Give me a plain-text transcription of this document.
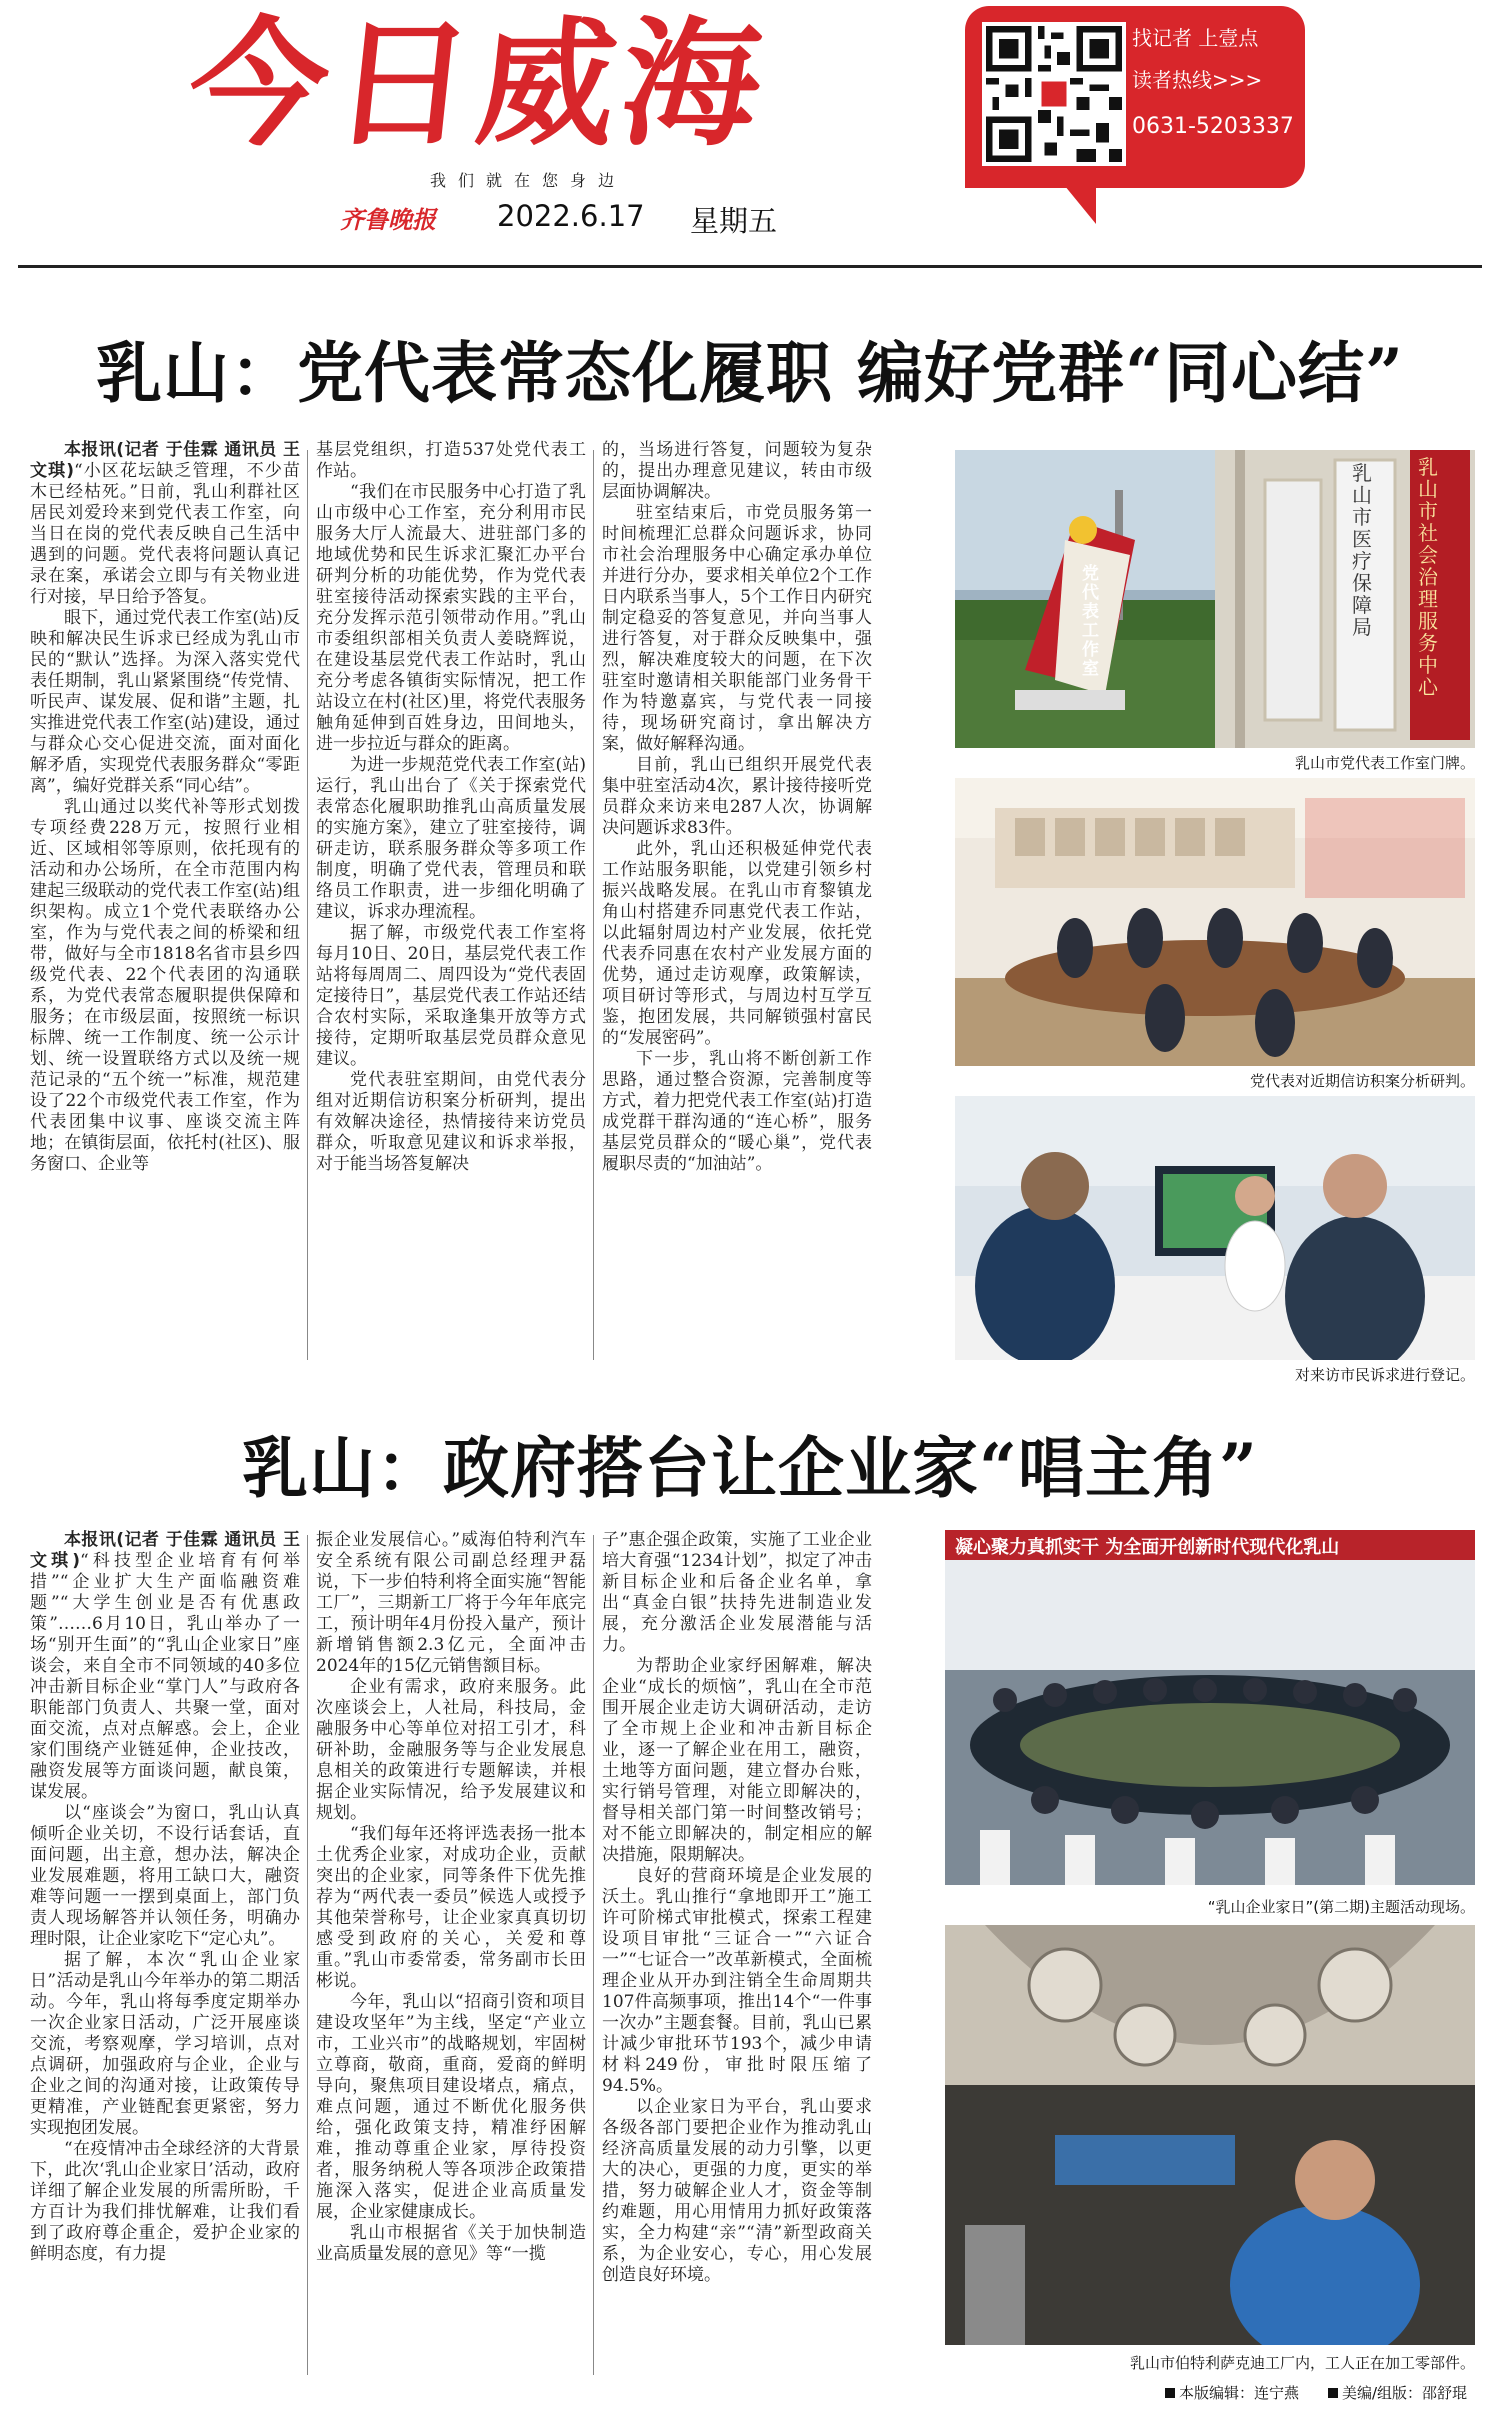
今日威海
我们就在您身边
齐鲁晚报 2022.6.17 星期五
找记者 上壹点
读者热线>>>
0631-5203337
乳山：党代表常态化履职 编好党群“同心结”

本报讯(记者 于佳霖 通讯员 王文琪)“小区花坛缺乏管理，不少苗木已经枯死。”日前，乳山利群社区居民刘爱玲来到党代表工作室，向当日在岗的党代表反映自己生活中遇到的问题。党代表将问题认真记录在案，承诺会立即与有关物业进行对接，早日给予答复。

眼下，通过党代表工作室(站)反映和解决民生诉求已经成为乳山市民的“默认”选择。为深入落实党代表任期制，乳山紧紧围绕“传党情、听民声、谋发展、促和谐”主题，扎实推进党代表工作室(站)建设，通过与群众心交心促进交流，面对面化解矛盾，实现党代表服务群众“零距离”，编好党群关系“同心结”。

乳山通过以奖代补等形式划拨专项经费228万元，按照行业相近、区域相邻等原则，依托现有的活动和办公场所，在全市范围内构建起三级联动的党代表工作室(站)组织架构。成立1个党代表联络办公室，作为与党代表之间的桥梁和纽带，做好与全市1818名省市县乡四级党代表、22个代表团的沟通联系，为党代表常态履职提供保障和服务；在市级层面，按照统一标识标牌、统一工作制度、统一公示计划、统一设置联络方式以及统一规范记录的“五个统一”标准，规范建设了22个市级党代表工作室，作为代表团集中议事、座谈交流主阵地；在镇街层面，依托村(社区)、服务窗口、企业等

基层党组织，打造537处党代表工作站。

“我们在市民服务中心打造了乳山市级中心工作室，充分利用市民服务大厅人流最大、进驻部门多的地域优势和民生诉求汇聚汇办平台研判分析的功能优势，作为党代表驻室接待活动探索实践的主平台，充分发挥示范引领带动作用。”乳山市委组织部相关负责人姜晓辉说，在建设基层党代表工作站时，乳山充分考虑各镇街实际情况，把工作站设立在村(社区)里，将党代表服务触角延伸到百姓身边，田间地头，进一步拉近与群众的距离。

为进一步规范党代表工作室(站)运行，乳山出台了《关于探索党代表常态化履职助推乳山高质量发展的实施方案》，建立了驻室接待，调研走访，联系服务群众等多项工作制度，明确了党代表，管理员和联络员工作职责，进一步细化明确了建议，诉求办理流程。

据了解，市级党代表工作室将每月10日、20日，基层党代表工作站将每周周二、周四设为“党代表固定接待日”，基层党代表工作站还结合农村实际，采取逢集开放等方式接待，定期听取基层党员群众意见建议。

党代表驻室期间，由党代表分组对近期信访积案分析研判，提出有效解决途径，热情接待来访党员群众，听取意见建议和诉求举报，对于能当场答复解决

的，当场进行答复，问题较为复杂的，提出办理意见建议，转由市级层面协调解决。

驻室结束后，市党员服务第一时间梳理汇总群众问题诉求，协同市社会治理服务中心确定承办单位并进行分办，要求相关单位2个工作日内联系当事人，5个工作日内研究制定稳妥的答复意见，并向当事人进行答复，对于群众反映集中，强烈，解决难度较大的问题，在下次驻室时邀请相关职能部门业务骨干作为特邀嘉宾，与党代表一同接待，现场研究商讨，拿出解决方案，做好解释沟通。

目前，乳山已组织开展党代表集中驻室活动4次，累计接待接听党员群众来访来电287人次，协调解决问题诉求83件。

此外，乳山还积极延伸党代表工作站服务职能，以党建引领乡村振兴战略发展。在乳山市育黎镇龙角山村搭建乔同惠党代表工作站，以此辐射周边村产业发展，依托党代表乔同惠在农村产业发展方面的优势，通过走访观摩，政策解读，项目研讨等形式，与周边村互学互鉴，抱团发展，共同解锁强村富民的“发展密码”。

下一步，乳山将不断创新工作思路，通过整合资源，完善制度等方式，着力把党代表工作室(站)打造成党群干群沟通的“连心桥”，服务基层党员群众的“暖心巢”，党代表履职尽责的“加油站”。

党代表工作室
乳山市医疗保障局
乳山市社会治理服务中心
乳山市党代表工作室门牌。
党代表对近期信访积案分析研判。
对来访市民诉求进行登记。
乳山：政府搭台让企业家“唱主角”

本报讯(记者 于佳霖 通讯员 王文琪)“科技型企业培育有何举措”“企业扩大生产面临融资难题”“大学生创业是否有优惠政策”……6月10日，乳山举办了一场“别开生面”的“乳山企业家日”座谈会，来自全市不同领域的40多位冲击新目标企业“掌门人”与政府各职能部门负责人、共聚一堂，面对面交流，点对点解惑。会上，企业家们围绕产业链延伸，企业技改，融资发展等方面谈问题，献良策，谋发展。

以“座谈会”为窗口，乳山认真倾听企业关切，不设行话套话，直面问题，出主意，想办法，解决企业发展难题，将用工缺口大，融资难等问题一一摆到桌面上，部门负责人现场解答并认领任务，明确办理时限，让企业家吃下“定心丸”。

据了解，本次“乳山企业家日”活动是乳山今年举办的第二期活动。今年，乳山将每季度定期举办一次企业家日活动，广泛开展座谈交流，考察观摩，学习培训，点对点调研，加强政府与企业，企业与企业之间的沟通对接，让政策传导更精准，产业链配套更紧密，努力实现抱团发展。

“在疫情冲击全球经济的大背景下，此次‘乳山企业家日’活动，政府详细了解企业发展的所需所盼，千方百计为我们排忧解难，让我们看到了政府尊企重企，爱护企业家的鲜明态度，有力提

振企业发展信心。”威海伯特利汽车安全系统有限公司副总经理尹磊说，下一步伯特利将全面实施“智能工厂”，三期新工厂将于今年年底完工，预计明年4月份投入量产，预计新增销售额2.3亿元，全面冲击2024年的15亿元销售额目标。

企业有需求，政府来服务。此次座谈会上，人社局，科技局，金融服务中心等单位对招工引才，科研补助，金融服务等与企业发展息息相关的政策进行专题解读，并根据企业实际情况，给予发展建议和规划。

“我们每年还将评选表扬一批本土优秀企业家，对成功企业，贡献突出的企业家，同等条件下优先推荐为“两代表一委员”候选人或授予其他荣誉称号，让企业家真真切切感受到政府的关心，关爱和尊重。”乳山市委常委，常务副市长田彬说。

今年，乳山以“招商引资和项目建设攻坚年”为主线，坚定“产业立市，工业兴市”的战略规划，牢固树立尊商，敬商，重商，爱商的鲜明导向，聚焦项目建设堵点，痛点，难点问题，通过不断优化服务供给，强化政策支持，精准纾困解难，推动尊重企业家，厚待投资者，服务纳税人等各项涉企政策措施深入落实，促进企业高质量发展，企业家健康成长。

乳山市根据省《关于加快制造业高质量发展的意见》等“一揽

子”惠企强企政策，实施了工业企业培大育强“1234计划”，拟定了冲击新目标企业和后备企业名单，拿出“真金白银”扶持先进制造业发展，充分激活企业发展潜能与活力。

为帮助企业家纾困解难，解决企业“成长的烦恼”，乳山在全市范围开展企业走访大调研活动，走访了全市规上企业和冲击新目标企业，逐一了解企业在用工，融资，土地等方面问题，建立督办台账，实行销号管理，对能立即解决的，督导相关部门第一时间整改销号；对不能立即解决的，制定相应的解决措施，限期解决。

良好的营商环境是企业发展的沃土。乳山推行“拿地即开工”施工许可阶梯式审批模式，探索工程建设项目审批“三证合一”“六证合一”“七证合一”改革新模式，全面梳理企业从开办到注销全生命周期共107件高频事项，推出14个“一件事一次办”主题套餐。目前，乳山已累计减少审批环节193个，减少申请材料249份，审批时限压缩了94.5%。

以企业家日为平台，乳山要求各级各部门要把企业作为推动乳山经济高质量发展的动力引擎，以更大的决心，更强的力度，更实的举措，努力破解企业人才，资金等制约难题，用心用情用力抓好政策落实，全力构建“亲”“清”新型政商关系，为企业安心，专心，用心发展创造良好环境。

凝心聚力真抓实干 为全面开创新时代现代化乳山
“乳山企业家日”(第二期)主题活动现场。
乳山市伯特利萨克迪工厂内，工人正在加工零部件。
本版编辑：连宁燕	美编/组版：邵舒琨
